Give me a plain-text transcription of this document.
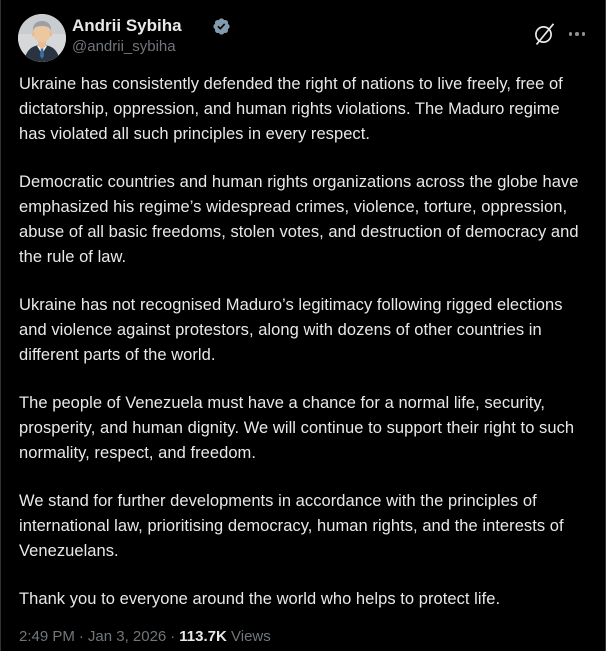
Andrii Sybiha
@andrii_sybiha

Ukraine has consistently defended the right of nations to live freely, free of dictatorship, oppression, and human rights violations. The Maduro regime has violated all such principles in every respect.

Democratic countries and human rights organizations across the globe have emphasized his regime’s widespread crimes, violence, torture, oppression, abuse of all basic freedoms, stolen votes, and destruction of democracy and the rule of law.

Ukraine has not recognised Maduro’s legitimacy following rigged elections and violence against protestors, along with dozens of other countries in different parts of the world.

The people of Venezuela must have a chance for a normal life, security, prosperity, and human dignity. We will continue to support their right to such normality, respect, and freedom.

We stand for further developments in accordance with the principles of international law, prioritising democracy, human rights, and the interests of Venezuelans.

Thank you to everyone around the world who helps to protect life.

2:49 PM · Jan 3, 2026 · 113.7K Views
